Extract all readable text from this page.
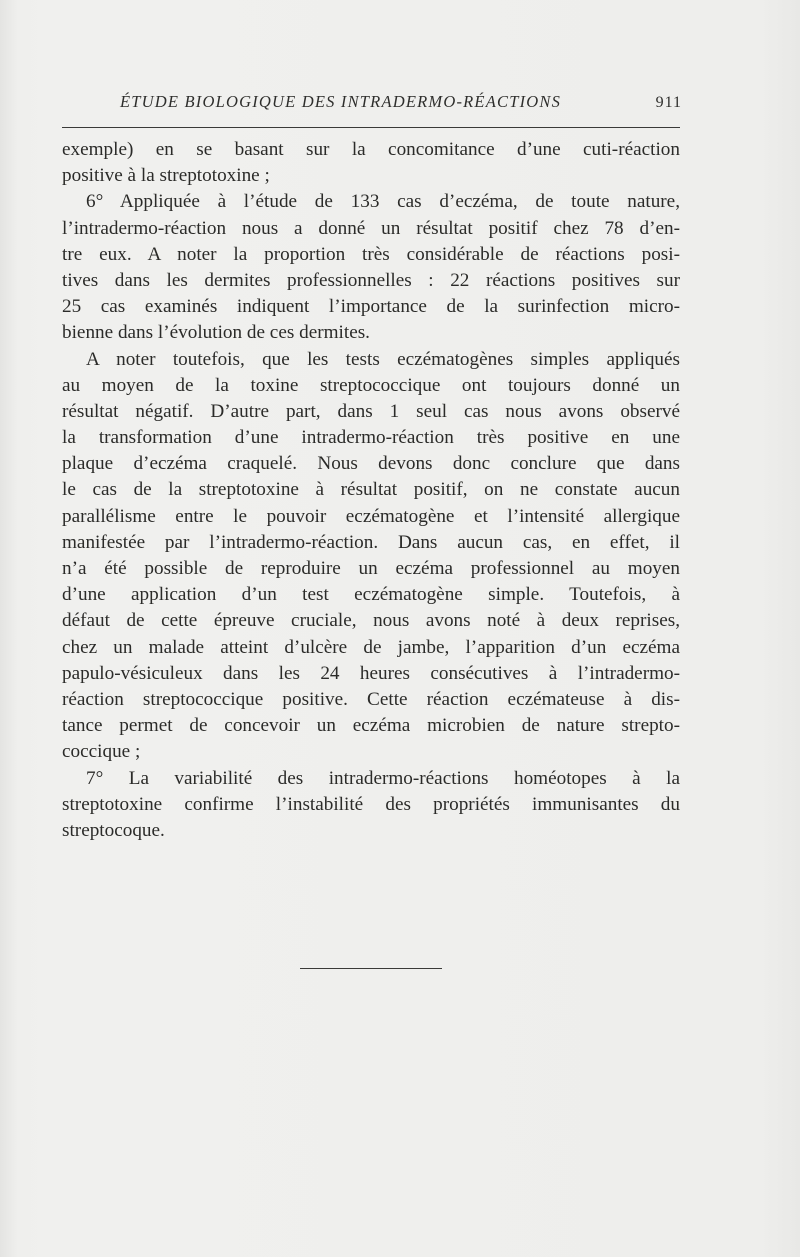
ÉTUDE BIOLOGIQUE DES INTRADERMO-RÉACTIONS	911
exemple) en se basant sur la concomitance d’une cuti-réaction
positive à la streptotoxine ;
6° Appliquée à l’étude de 133 cas d’eczéma, de toute nature,
l’intradermo-réaction nous a donné un résultat positif chez 78 d’en-
tre eux. A noter la proportion très considérable de réactions posi-
tives dans les dermites professionnelles : 22 réactions positives sur
25 cas examinés indiquent l’importance de la surinfection micro-
bienne dans l’évolution de ces dermites.
A noter toutefois, que les tests eczématogènes simples appliqués
au moyen de la toxine streptococcique ont toujours donné un
résultat négatif. D’autre part, dans 1 seul cas nous avons observé
la transformation d’une intradermo-réaction très positive en une
plaque d’eczéma craquelé. Nous devons donc conclure que dans
le cas de la streptotoxine à résultat positif, on ne constate aucun
parallélisme entre le pouvoir eczématogène et l’intensité allergique
manifestée par l’intradermo-réaction. Dans aucun cas, en effet, il
n’a été possible de reproduire un eczéma professionnel au moyen
d’une application d’un test eczématogène simple. Toutefois, à
défaut de cette épreuve cruciale, nous avons noté à deux reprises,
chez un malade atteint d’ulcère de jambe, l’apparition d’un eczéma
papulo-vésiculeux dans les 24 heures consécutives à l’intradermo-
réaction streptococcique positive. Cette réaction eczémateuse à dis-
tance permet de concevoir un eczéma microbien de nature strepto-
coccique ;
7° La variabilité des intradermo-réactions homéotopes à la
streptotoxine confirme l’instabilité des propriétés immunisantes du
streptocoque.
